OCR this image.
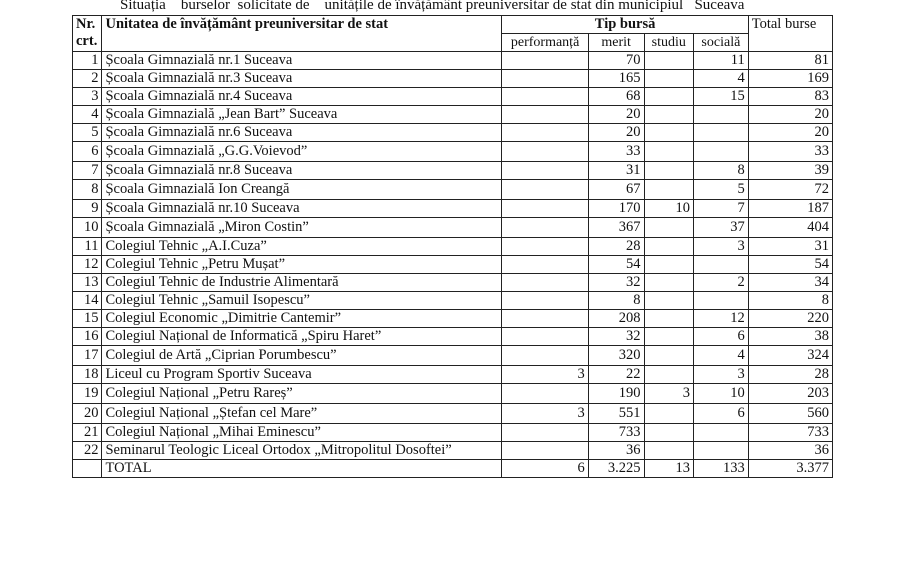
Situația    burselor  solicitate de    unitățile de învățământ preuniversitar de stat din municipiul   Suceava
Nr. crt.	Unitatea de învățământ preuniversitar de stat	Tip bursă				Total burse
		performanță	merit	studiu	socială	
1	Școala Gimnazială nr.1 Suceava		70		11	81
2	Școala Gimnazială nr.3 Suceava		165		4	169
3	Școala Gimnazială nr.4 Suceava		68		15	83
4	Școala Gimnazială „Jean Bart” Suceava		20			20
5	Școala Gimnazială nr.6 Suceava		20			20
6	Școala Gimnazială „G.G.Voievod”		33			33
7	Școala Gimnazială nr.8 Suceava		31		8	39
8	Școala Gimnazială Ion Creangă		67		5	72
9	Școala Gimnazială nr.10 Suceava		170	10	7	187
10	Școala Gimnazială „Miron Costin”		367		37	404
11	Colegiul Tehnic „A.I.Cuza”		28		3	31
12	Colegiul Tehnic „Petru Mușat”		54			54
13	Colegiul Tehnic de Industrie Alimentară		32		2	34
14	Colegiul Tehnic „Samuil Isopescu”		8			8
15	Colegiul Economic „Dimitrie Cantemir”		208		12	220
16	Colegiul Național de Informatică „Spiru Haret”		32		6	38
17	Colegiul de Artă „Ciprian Porumbescu”		320		4	324
18	Liceul cu Program Sportiv Suceava	3	22		3	28
19	Colegiul Național „Petru Rareș”		190	3	10	203
20	Colegiul Național „Ștefan cel Mare”	3	551		6	560
21	Colegiul Național „Mihai Eminescu”		733			733
22	Seminarul Teologic Liceal Ortodox „Mitropolitul Dosoftei”		36			36
	TOTAL	6	3.225	13	133	3.377
